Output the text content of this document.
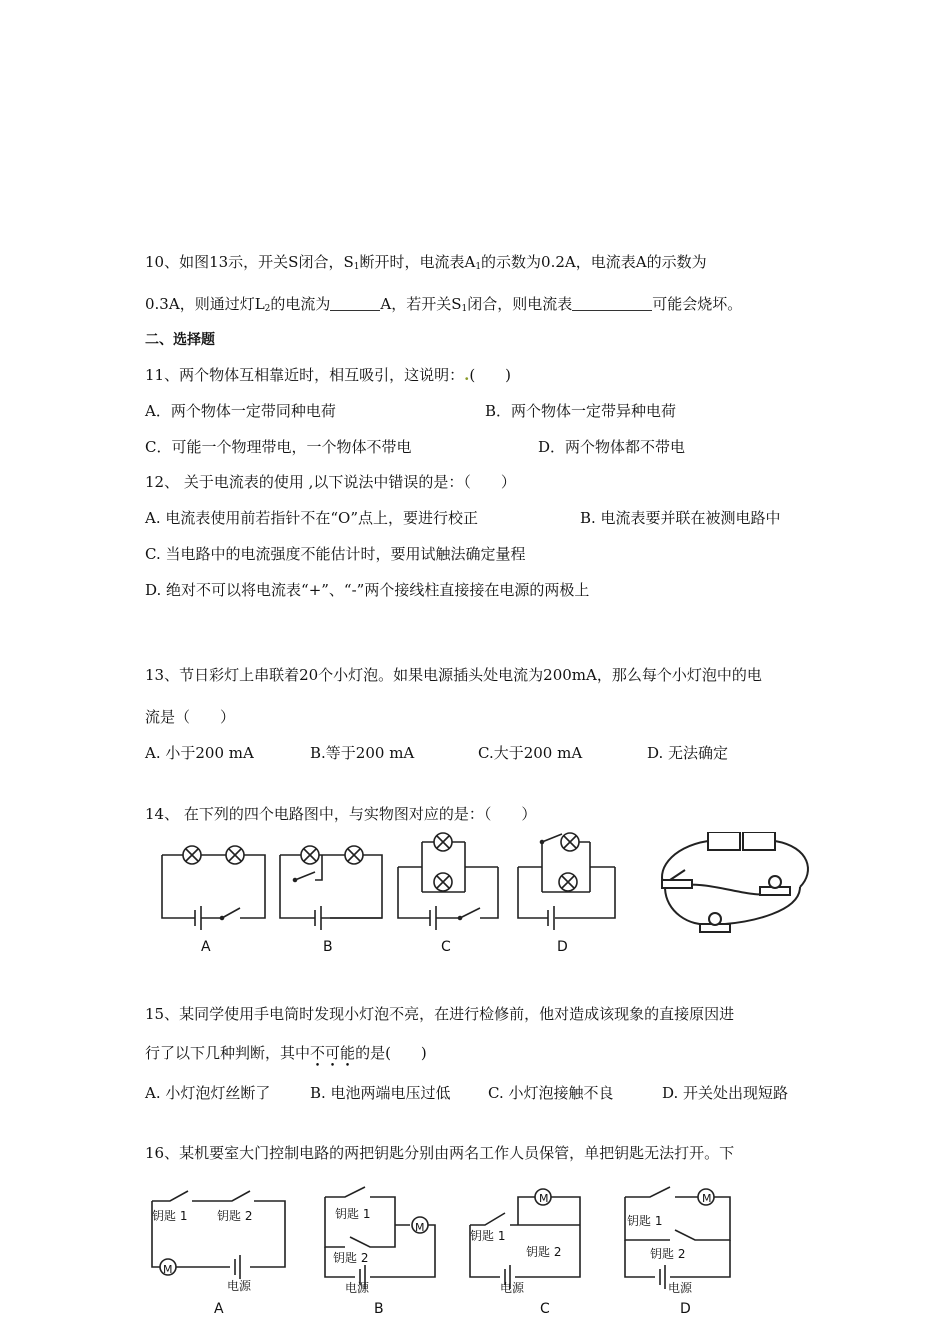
10、如图13示，开关S闭合，$S_1$断开时，电流表$A_1$的示数为0.2A，电流表A的示数为
0.3A，则通过灯$L_2$的电流为	A，若开关$S_1$闭合，则电流表	可能会烧坏。
二、选择题
11、两个物体互相靠近时，相互吸引，这说明：.(　　)
A．两个物体一定带同种电荷	B．两个物体一定带异种电荷
C．可能一个物理带电，一个物体不带电	D．两个物体都不带电
12、 关于电流表的使用 ,以下说法中错误的是：（　　）
A. 电流表使用前若指针不在“O”点上，要进行校正	B. 电流表要并联在被测电路中
C. 当电路中的电流强度不能估计时，要用试触法确定量程
D. 绝对不可以将电流表“+”、“-”两个接线柱直接接在电源的两极上
13、节日彩灯上串联着20个小灯泡。如果电源插头处电流为200mA，那么每个小灯泡中的电
流是（　　）
A. 小于200 mA	B.等于200 mA	C.大于200 mA	D. 无法确定
14、 在下列的四个电路图中，与实物图对应的是：（　　）
A	B	C	D
15、某同学使用手电筒时发现小灯泡不亮，在进行检修前，他对造成该现象的直接原因进
行了以下几种判断，其中不可能的是(　　)
A. 小灯泡灯丝断了	B. 电池两端电压过低 C. 小灯泡接触不良	D. 开关处出现短路
16、某机要室大门控制电路的两把钥匙分别由两名工作人员保管，单把钥匙无法打开。下
钥匙 1 钥匙 2
M
电源
钥匙 1
钥匙 2
M
电源
钥匙 1
钥匙 2
M
电源
钥匙 1
钥匙 2
M
电源
A	B	C	D
